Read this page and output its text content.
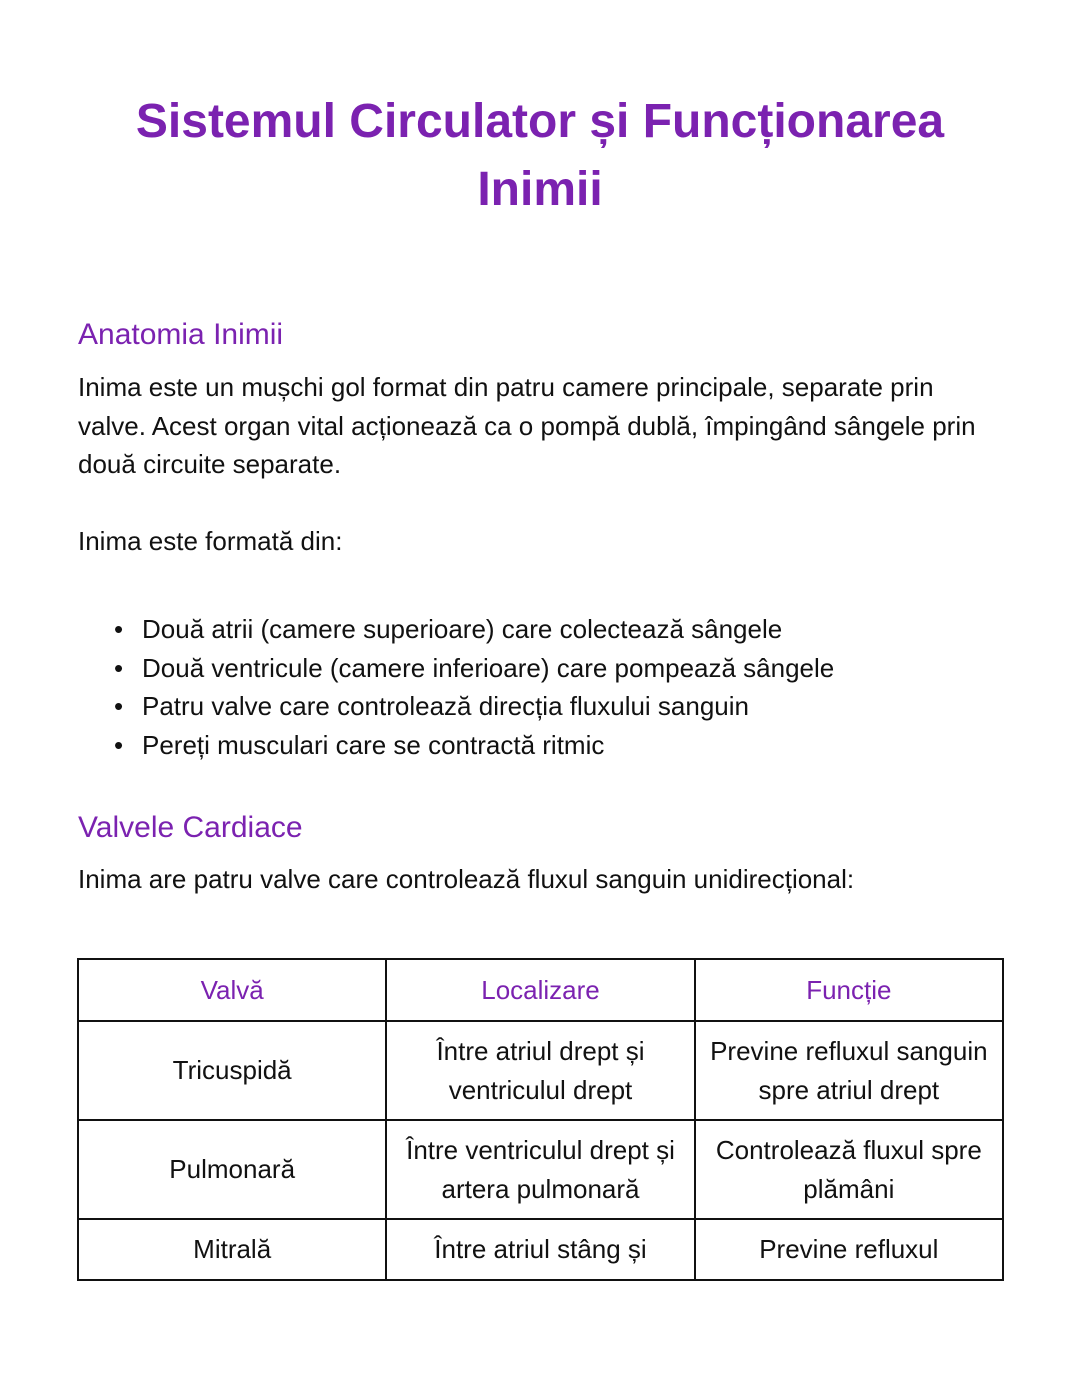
Sistemul Circulator și Funcționarea Inimii
Anatomia Inimii

Inima este un mușchi gol format din patru camere principale, separate prin valve. Acest organ vital acționează ca o pompă dublă, împingând sângele prin două circuite separate.

Inima este formată din:

• Două atrii (camere superioare) care colectează sângele
• Două ventricule (camere inferioare) care pompează sângele
• Patru valve care controlează direcția fluxului sanguin
• Pereți musculari care se contractă ritmic
Valvele Cardiace

Inima are patru valve care controlează fluxul sanguin unidirecțional:

Valvă	Localizare	Funcție
Tricuspidă	Între atriul drept și ventriculul drept	Previne refluxul sanguin spre atriul drept
Pulmonară	Între ventriculul drept și artera pulmonară	Controlează fluxul spre plămâni
Mitrală	Între atriul stâng și	Previne refluxul
